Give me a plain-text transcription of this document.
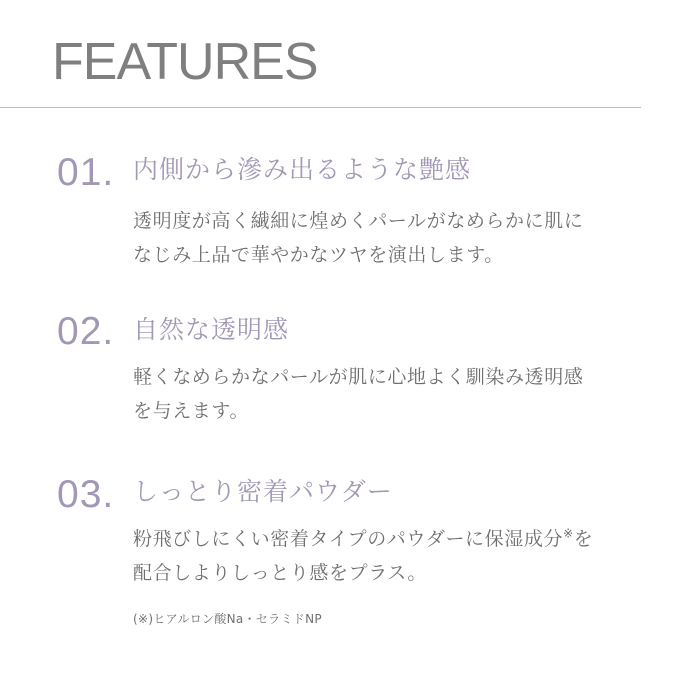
FEATURES
01. 内側から滲み出るような艶感
透明度が高く繊細に煌めくパールがなめらかに肌に
なじみ上品で華やかなツヤを演出します。
02. 自然な透明感
軽くなめらかなパールが肌に心地よく馴染み透明感
を与えます。
03. しっとり密着パウダー
粉飛びしにくい密着タイプのパウダーに保湿成分※を
配合しよりしっとり感をプラス。
(※)ヒアルロン酸Na・セラミドNP
